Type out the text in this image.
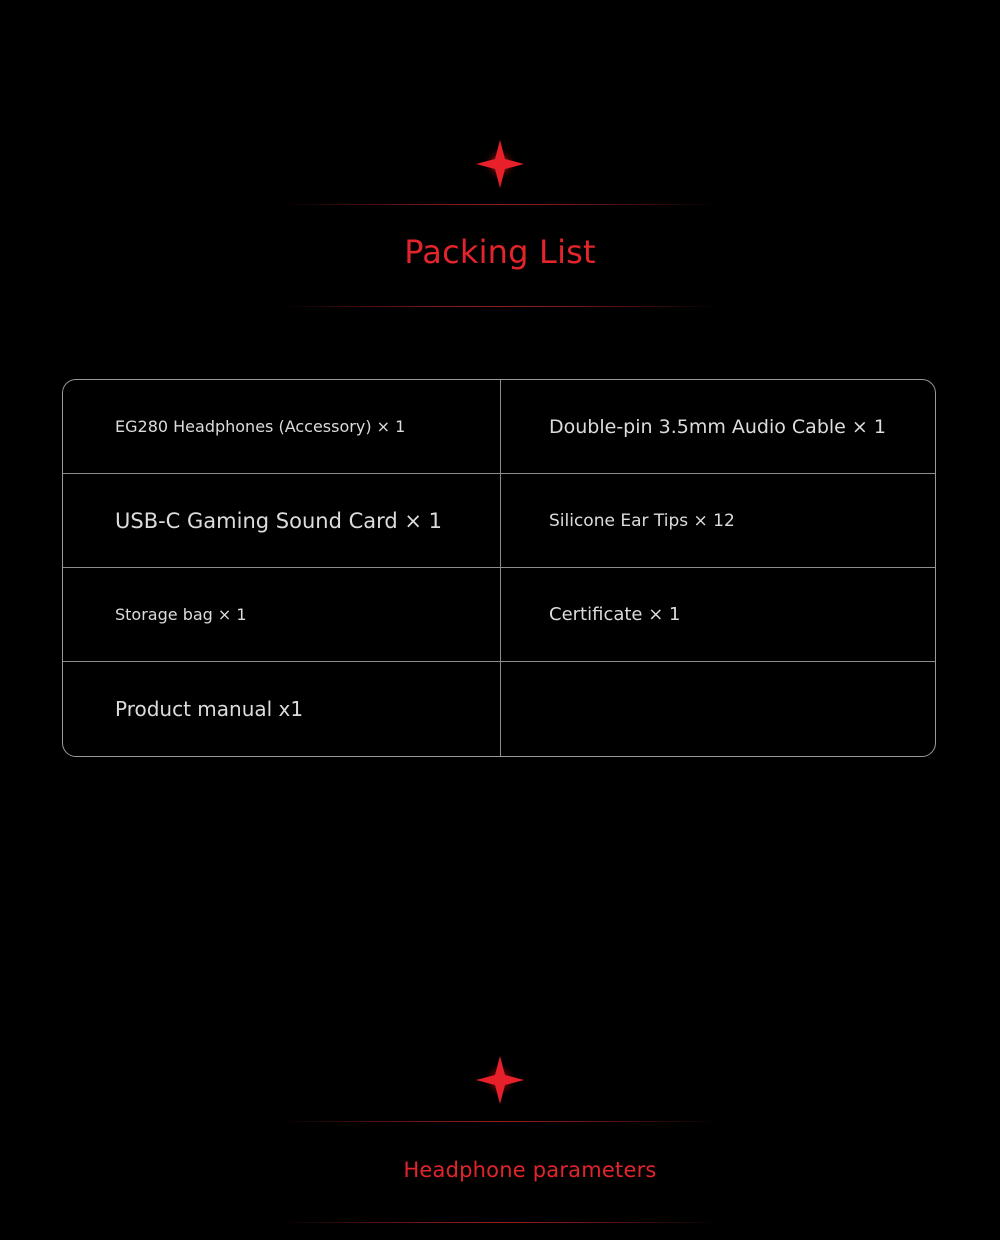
Packing List
EG280 Headphones (Accessory) × 1	Double-pin 3.5mm Audio Cable × 1
USB-C Gaming Sound Card × 1	Silicone Ear Tips × 12
Storage bag × 1	Certificate × 1
Product manual x1
Headphone parameters
